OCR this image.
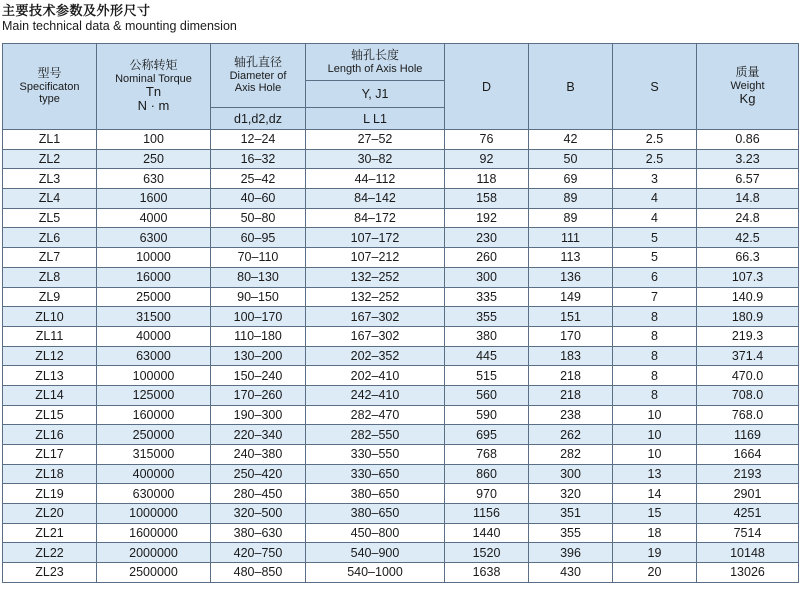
主要技术参数及外形尺寸
Main technical data & mounting dimension
型号
Specificaton
type	公称转矩
Nominal Torque
Tn
N · m	轴孔直径
Diameter of
Axis Hole	轴孔长度
Length of Axis Hole	D	B	S	质量
Weight
Kg

			Y, J1				
		d1,d2,dz	L L1				
ZL1	100	12–24	27–52	76	42	2.5	0.86
ZL2	250	16–32	30–82	92	50	2.5	3.23
ZL3	630	25–42	44–112	118	69	3	6.57
ZL4	1600	40–60	84–142	158	89	4	14.8
ZL5	4000	50–80	84–172	192	89	4	24.8
ZL6	6300	60–95	107–172	230	111	5	42.5
ZL7	10000	70–110	107–212	260	113	5	66.3
ZL8	16000	80–130	132–252	300	136	6	107.3
ZL9	25000	90–150	132–252	335	149	7	140.9
ZL10	31500	100–170	167–302	355	151	8	180.9
ZL11	40000	110–180	167–302	380	170	8	219.3
ZL12	63000	130–200	202–352	445	183	8	371.4
ZL13	100000	150–240	202–410	515	218	8	470.0
ZL14	125000	170–260	242–410	560	218	8	708.0
ZL15	160000	190–300	282–470	590	238	10	768.0
ZL16	250000	220–340	282–550	695	262	10	1169
ZL17	315000	240–380	330–550	768	282	10	1664
ZL18	400000	250–420	330–650	860	300	13	2193
ZL19	630000	280–450	380–650	970	320	14	2901
ZL20	1000000	320–500	380–650	1156	351	15	4251
ZL21	1600000	380–630	450–800	1440	355	18	7514
ZL22	2000000	420–750	540–900	1520	396	19	10148
ZL23	2500000	480–850	540–1000	1638	430	20	13026
